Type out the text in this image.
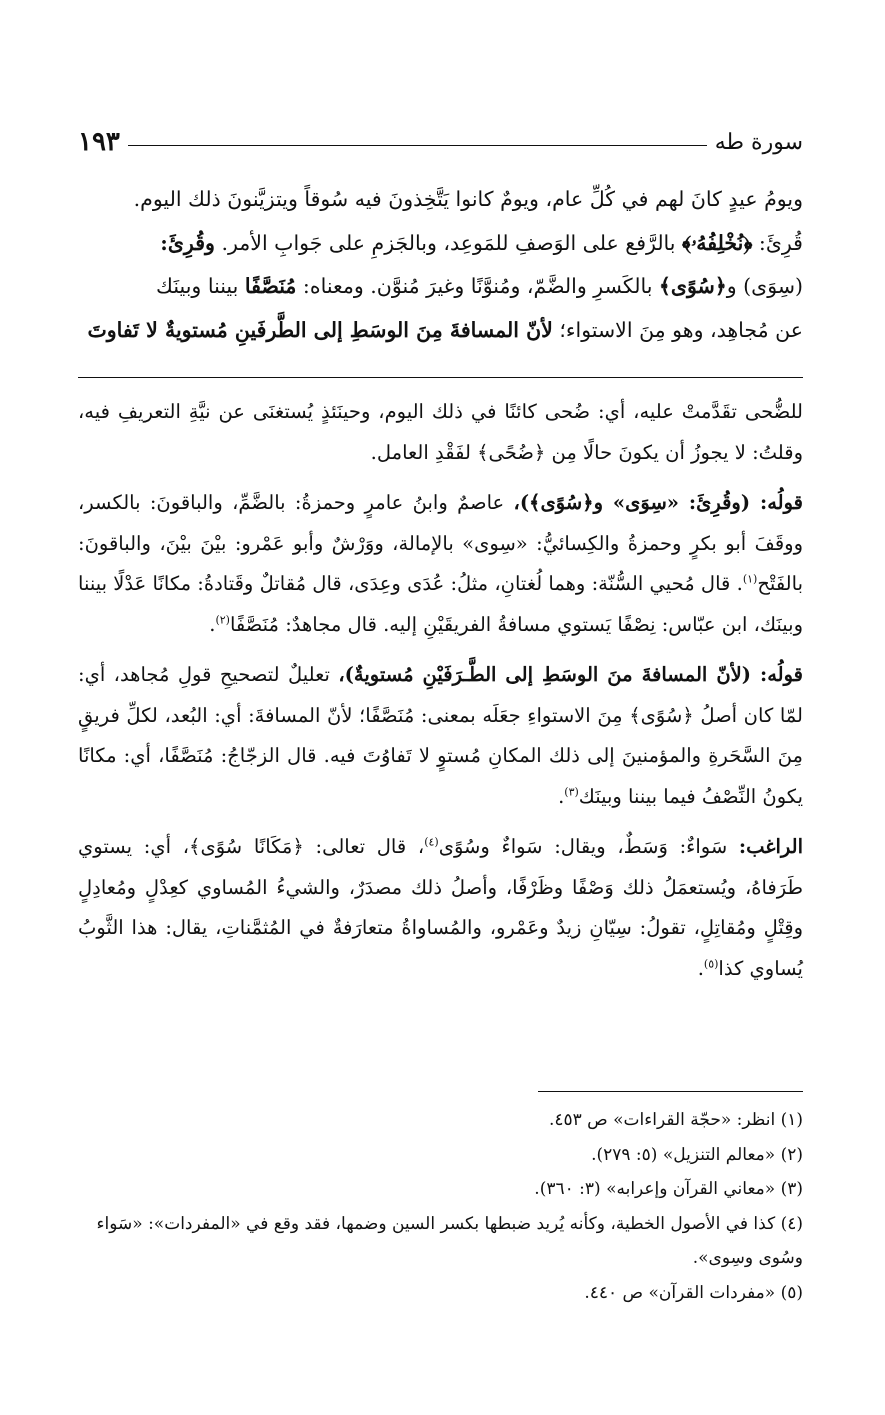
سورة طه
١٩٣

ويومُ عيدٍ كانَ لهم في كُلِّ عام، ويومٌ كانوا يَتَّخِذونَ فيه سُوقاً ويتزيَّنونَ ذلك اليوم.

قُرِئَ: ﴿نُخْلِفُهُۥ﴾ بالرَّفع على الوَصفِ للمَوعِد، وبالجَزمِ على جَوابِ الأمر. وقُرِئَ:

(سِوَى) و﴿سُوًى﴾ بالكَسرِ والضَّمّ، ومُنوَّنًا وغيرَ مُنوَّن. ومعناه: مُنَصَّفًا بيننا وبينَك

عن مُجاهِد، وهو مِنَ الاستواء؛ لأنّ المسافةَ مِنَ الوسَطِ إلى الطَّرفَينِ مُستويةٌ لا تَفاوتَ

للضُّحى تقَدَّمتْ عليه، أي: ضُحى كائنًا في ذلك اليوم، وحينَئذٍ يُستغنَى عن نيَّةِ التعريفِ فيه، وقلتُ: لا يجوزُ أن يكونَ حالًا مِن ﴿ضُحًى﴾ لفَقْدِ العامل.

قولُه: (وقُرِئَ: «سِوَى» و﴿سُوًى﴾)، عاصمٌ وابنُ عامرٍ وحمزةُ: بالضَّمِّ، والباقونَ: بالكسر، ووقَفَ أبو بكرٍ وحمزةُ والكِسائيُّ: «سِوى» بالإمالة، ووَرْشٌ وأبو عَمْرو: بيْنَ بيْنَ، والباقونَ: بالفَتْح$^{(١)}$. قال مُحيي السُّنّة: وهما لُغتانِ، مثلُ: عُدَى وعِدَى، قال مُقاتلٌ وقَتادةُ: مكانًا عَدْلًا بيننا وبينَك، ابن عبّاس: نِصْفًا يَستوي مسافةُ الفريقَيْنِ إليه. قال مجاهدٌ: مُنَصَّفًا$^{(٢)}$.

قولُه: (لأنّ المسافةَ منَ الوسَطِ إلى الطَّـرَفَيْنِ مُستويةٌ)، تعليلٌ لتصحيحِ قولِ مُجاهد، أي: لمّا كان أصلُ ﴿سُوًى﴾ مِنَ الاستواءِ جعَلَه بمعنى: مُنَصَّفًا؛ لأنّ المسافةَ: أي: البُعد، لكلِّ فريقٍ مِنَ السَّحَرةِ والمؤمنينَ إلى ذلك المكانِ مُستوٍ لا تَفاوُتَ فيه. قال الزجّاجُ: مُنَصَّفًا، أي: مكانًا يكونُ النِّصْفُ فيما بيننا وبينَك$^{(٣)}$.

الراغب: سَواءٌ: وَسَطٌ، ويقال: سَواءٌ وسُوًى$^{(٤)}$، قال تعالى: ﴿مَكَانًا سُوًى﴾، أي: يستوي طَرَفاهُ، ويُستعمَلُ ذلك وَصْفًا وظَرْفًا، وأصلُ ذلك مصدَرٌ، والشيءُ المُساوي كعِدْلٍ ومُعادِلٍ وقِتْلٍ ومُقاتِلٍ، تقولُ: سِيّانِ زيدٌ وعَمْرو، والمُساواةُ متعارَفةٌ في المُثمَّناتِ، يقال: هذا الثَّوبُ يُساوي كذا$^{(٥)}$.

(١) انظر: «حجّة القراءات» ص ٤٥٣.

(٢) «معالم التنزيل» (٥: ٢٧٩).

(٣) «معاني القرآن وإعرابه» (٣: ٣٦٠).

(٤) كذا في الأصول الخطية، وكأنه يُريد ضبطها بكسر السين وضمها، فقد وقع في «المفردات»: «سَواء

وسُوى وسِوى».

(٥) «مفردات القرآن» ص ٤٤٠.
